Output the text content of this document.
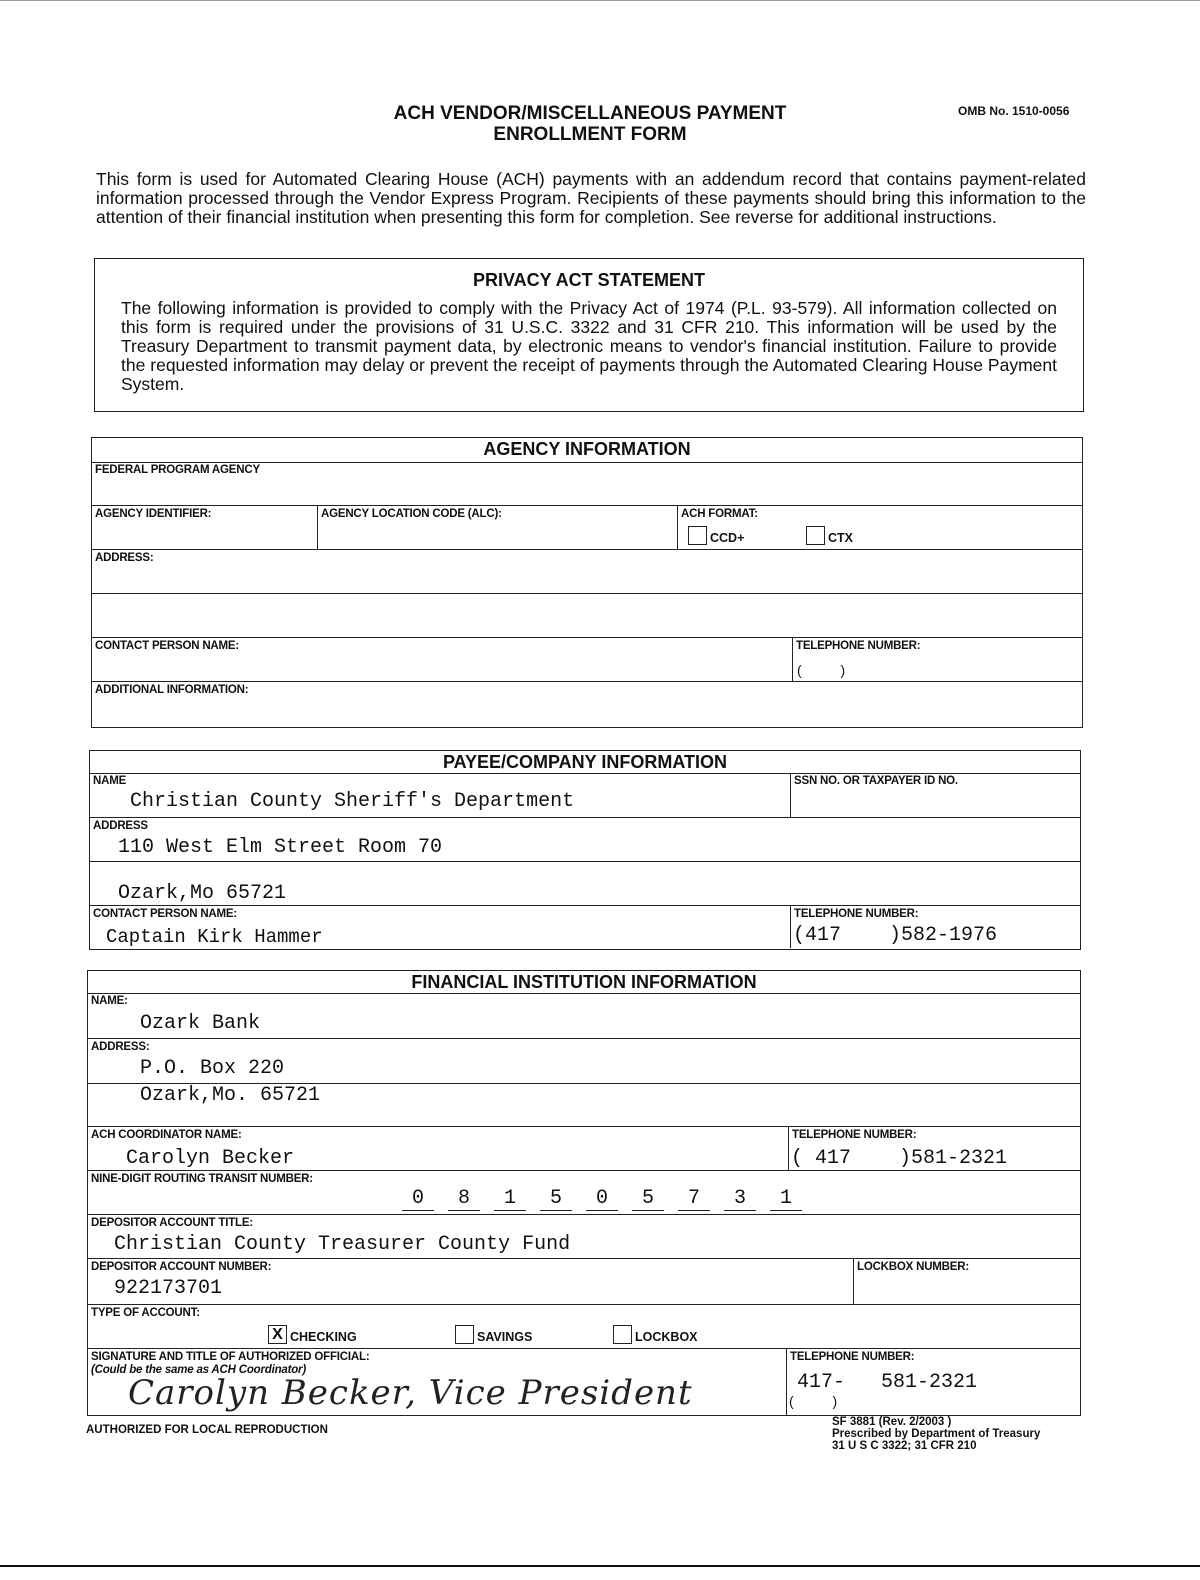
ACH VENDOR/MISCELLANEOUS PAYMENT
ENROLLMENT FORM
OMB No. 1510-0056
This form is used for Automated Clearing House (ACH) payments with an addendum record that contains payment-related information processed through the Vendor Express Program. Recipients of these payments should bring this information to the attention of their financial institution when presenting this form for completion. See reverse for additional instructions.
PRIVACY ACT STATEMENT
The following information is provided to comply with the Privacy Act of 1974 (P.L. 93-579). All information collected on this form is required under the provisions of 31 U.S.C. 3322 and 31 CFR 210. This information will be used by the Treasury Department to transmit payment data, by electronic means to vendor's financial institution. Failure to provide the requested information may delay or prevent the receipt of payments through the Automated Clearing House Payment System.
AGENCY INFORMATION
FEDERAL PROGRAM AGENCY
AGENCY IDENTIFIER:	AGENCY LOCATION CODE (ALC):	ACH FORMAT:
CCD+	CTX
ADDRESS:
CONTACT PERSON NAME:	TELEPHONE NUMBER:
(          )
ADDITIONAL INFORMATION:
PAYEE/COMPANY INFORMATION
NAME
Christian County Sheriff's Department
SSN NO. OR TAXPAYER ID NO.
ADDRESS
110 West Elm Street Room 70
Ozark,Mo 65721
CONTACT PERSON NAME:
Captain Kirk Hammer
TELEPHONE NUMBER:
(417    )582-1976
FINANCIAL INSTITUTION INFORMATION
NAME:
Ozark Bank
ADDRESS:
P.O. Box 220
Ozark,Mo. 65721
ACH COORDINATOR NAME:
Carolyn Becker
TELEPHONE NUMBER:
( 417    )581-2321
NINE-DIGIT ROUTING TRANSIT NUMBER:
0 8 1 5 0 5 7 3 1
DEPOSITOR ACCOUNT TITLE:
Christian County Treasurer County Fund
DEPOSITOR ACCOUNT NUMBER:
922173701
LOCKBOX NUMBER:
TYPE OF ACCOUNT:
X CHECKING	SAVINGS	LOCKBOX
SIGNATURE AND TITLE OF AUTHORIZED OFFICIAL:
(Could be the same as ACH Coordinator)
Carolyn Becker, Vice President
TELEPHONE NUMBER:
417-   581-2321
(          )
AUTHORIZED FOR LOCAL REPRODUCTION
SF 3881 (Rev. 2/2003 )
Prescribed by Department of Treasury
31 U S C 3322; 31 CFR 210
